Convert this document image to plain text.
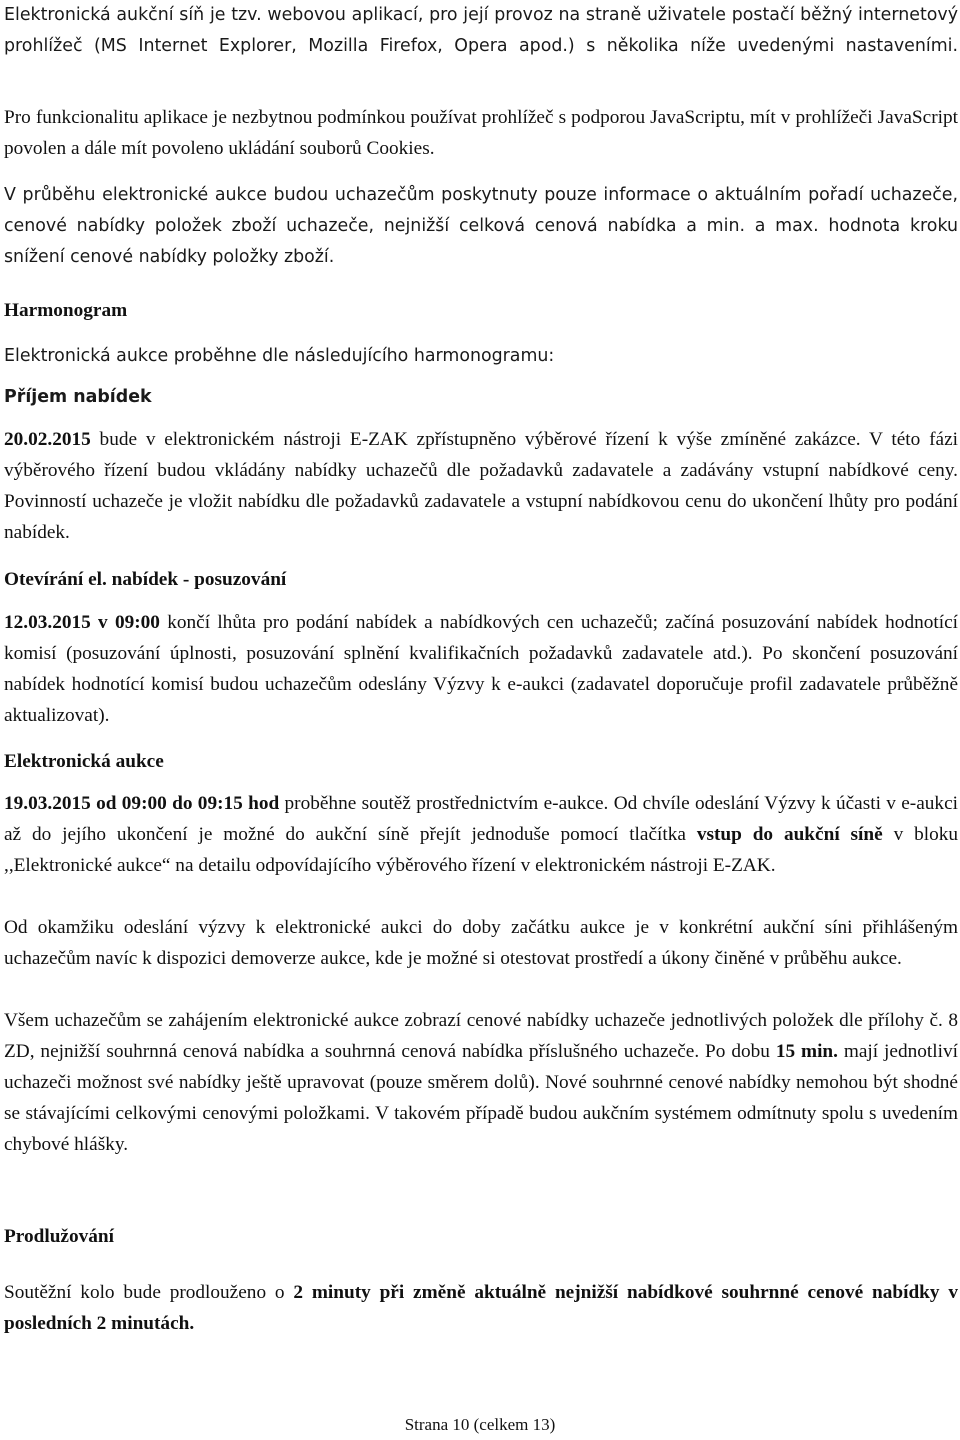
Elektronická aukční síň je tzv. webovou aplikací, pro její provoz na straně uživatele postačí běžný internetový prohlížeč (MS Internet Explorer, Mozilla Firefox, Opera apod.) s několika níže uvedenými nastaveními.

Pro funkcionalitu aplikace je nezbytnou podmínkou používat prohlížeč s podporou JavaScriptu, mít v prohlížeči JavaScript povolen a dále mít povoleno ukládání souborů Cookies.

V průběhu elektronické aukce budou uchazečům poskytnuty pouze informace o aktuálním pořadí uchazeče, cenové nabídky položek zboží uchazeče, nejnižší celková cenová nabídka a min. a max. hodnota kroku snížení cenové nabídky položky zboží.

Harmonogram

Elektronická aukce proběhne dle následujícího harmonogramu:

Příjem nabídek

20.02.2015 bude v elektronickém nástroji E-ZAK zpřístupněno výběrové řízení k výše zmíněné zakázce. V této fázi výběrového řízení budou vkládány nabídky uchazečů dle požadavků zadavatele a zadávány vstupní nabídkové ceny. Povinností uchazeče je vložit nabídku dle požadavků zadavatele a vstupní nabídkovou cenu do ukončení lhůty pro podání nabídek.

Otevírání el. nabídek - posuzování

12.03.2015 v 09:00 končí lhůta pro podání nabídek a nabídkových cen uchazečů; začíná posuzování nabídek hodnotící komisí (posuzování úplnosti, posuzování splnění kvalifikačních požadavků zadavatele atd.). Po skončení posuzování nabídek hodnotící komisí budou uchazečům odeslány Výzvy k e-aukci (zadavatel doporučuje profil zadavatele průběžně aktualizovat).

Elektronická aukce

19.03.2015 od 09:00 do 09:15 hod proběhne soutěž prostřednictvím e-aukce. Od chvíle odeslání Výzvy k účasti v e-aukci až do jejího ukončení je možné do aukční síně přejít jednoduše pomocí tlačítka vstup do aukční síně v bloku ,,Elektronické aukce“ na detailu odpovídajícího výběrového řízení v elektronickém nástroji E-ZAK.

Od okamžiku odeslání výzvy k elektronické aukci do doby začátku aukce je v konkrétní aukční síni přihlášeným uchazečům navíc k dispozici demoverze aukce, kde je možné si otestovat prostředí a úkony činěné v průběhu aukce.

Všem uchazečům se zahájením elektronické aukce zobrazí cenové nabídky uchazeče jednotlivých položek dle přílohy č. 8 ZD, nejnižší souhrnná cenová nabídka a souhrnná cenová nabídka příslušného uchazeče. Po dobu 15 min. mají jednotliví uchazeči možnost své nabídky ještě upravovat (pouze směrem dolů). Nové souhrnné cenové nabídky nemohou být shodné se stávajícími celkovými cenovými položkami. V takovém případě budou aukčním systémem odmítnuty spolu s uvedením chybové hlášky.

Prodlužování

Soutěžní kolo bude prodlouženo o 2 minuty při změně aktuálně nejnižší nabídkové souhrnné cenové nabídky v posledních 2 minutách.

Strana 10 (celkem 13)
